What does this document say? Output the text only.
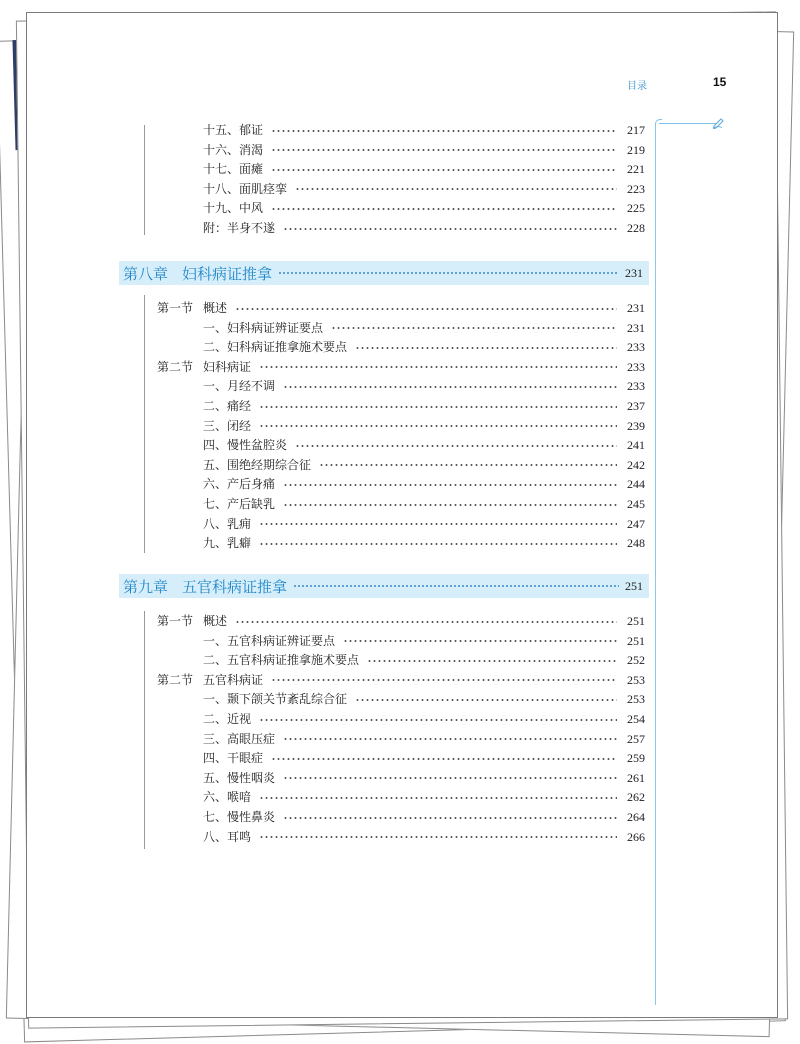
目录	15
十五、郁证	217
十六、消渴	219
十七、面瘫	221
十八、面肌痉挛	223
十九、中风	225
附：半身不遂	228
第八章 妇科病证推拿	231
第一节 概述	231
一、妇科病证辨证要点	231
二、妇科病证推拿施术要点	233
第二节 妇科病证	233
一、月经不调	233
二、痛经	237
三、闭经	239
四、慢性盆腔炎	241
五、围绝经期综合征	242
六、产后身痛	244
七、产后缺乳	245
八、乳痈	247
九、乳癖	248
第九章 五官科病证推拿	251
第一节 概述	251
一、五官科病证辨证要点	251
二、五官科病证推拿施术要点	252
第二节 五官科病证	253
一、颞下颌关节紊乱综合征	253
二、近视	254
三、高眼压症	257
四、干眼症	259
五、慢性咽炎	261
六、喉喑	262
七、慢性鼻炎	264
八、耳鸣	266
